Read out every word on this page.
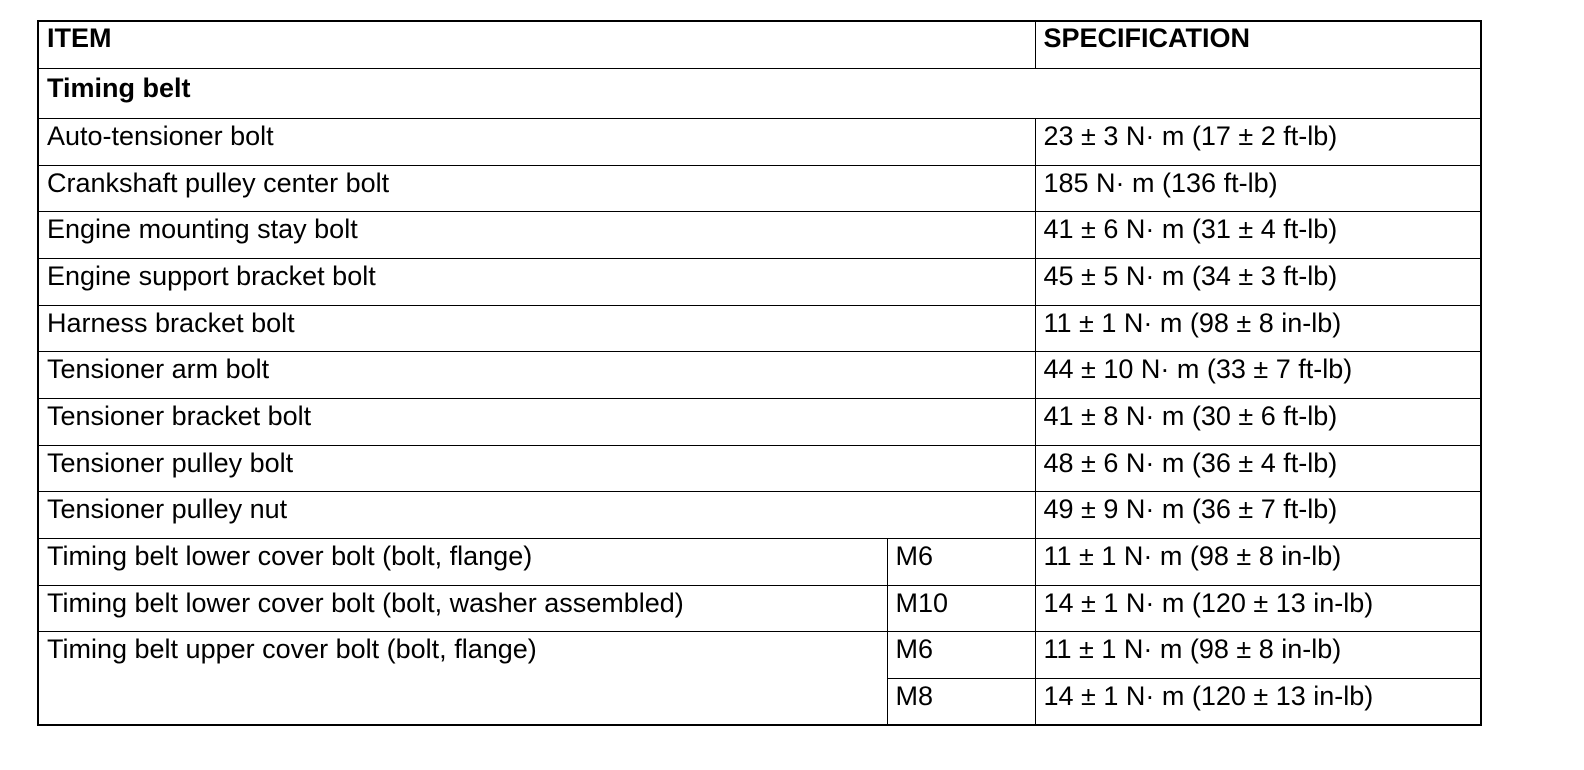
ITEM		SPECIFICATION
Timing belt		
Auto-tensioner bolt		23 ± 3 N· m (17 ± 2 ft-lb)
Crankshaft pulley center bolt		185 N· m (136 ft-lb)
Engine mounting stay bolt		41 ± 6 N· m (31 ± 4 ft-lb)
Engine support bracket bolt		45 ± 5 N· m (34 ± 3 ft-lb)
Harness bracket bolt		11 ± 1 N· m (98 ± 8 in-lb)
Tensioner arm bolt		44 ± 10 N· m (33 ± 7 ft-lb)
Tensioner bracket bolt		41 ± 8 N· m (30 ± 6 ft-lb)
Tensioner pulley bolt		48 ± 6 N· m (36 ± 4 ft-lb)
Tensioner pulley nut		49 ± 9 N· m (36 ± 7 ft-lb)
Timing belt lower cover bolt (bolt, flange)	M6	11 ± 1 N· m (98 ± 8 in-lb)
Timing belt lower cover bolt (bolt, washer assembled)	M10	14 ± 1 N· m (120 ± 13 in-lb)
Timing belt upper cover bolt (bolt, flange)	M6	11 ± 1 N· m (98 ± 8 in-lb)
	M8	14 ± 1 N· m (120 ± 13 in-lb)
